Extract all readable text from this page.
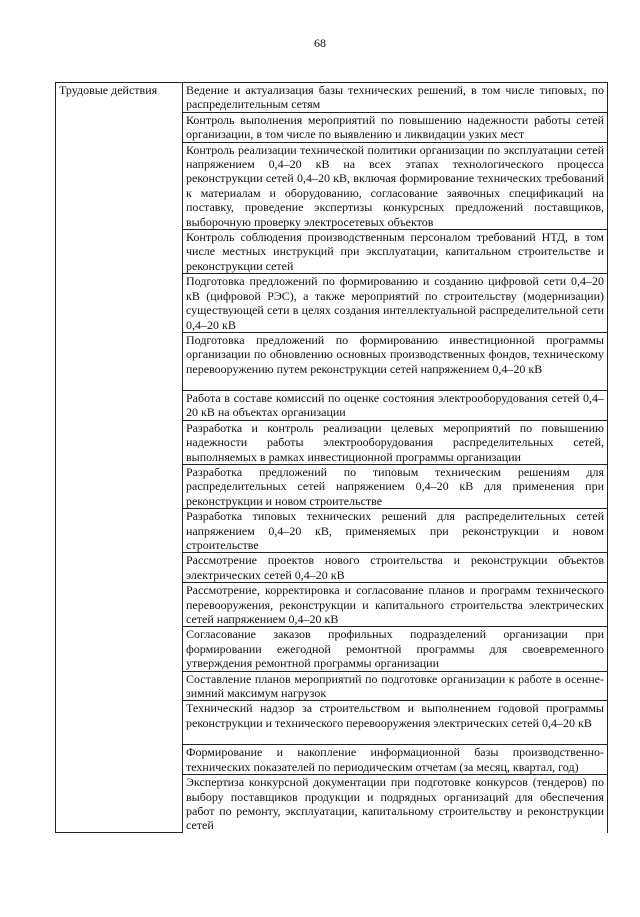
68
Трудовые действия	Ведение и актуализация базы технических решений, в том числе типовых, по распределительным сетям
Контроль выполнения мероприятий по повышению надежности работы сетей организации, в том числе по выявлению и ликвидации узких мест
Контроль реализации технической политики организации по эксплуатации сетей напряжением 0,4–20 кВ на всех этапах технологического процесса реконструкции сетей 0,4–20 кВ, включая формирование технических требований к материалам и оборудованию, согласование заявочных спецификаций на поставку, проведение экспертизы конкурсных предложений поставщиков, выборочную проверку электросетевых объектов
Контроль соблюдения производственным персоналом требований НТД, в том числе местных инструкций при эксплуатации, капитальном строительстве и реконструкции сетей
Подготовка предложений по формированию и созданию цифровой сети 0,4–20 кВ (цифровой РЭС), а также мероприятий по строительству (модернизации) существующей сети в целях создания интеллектуальной распределительной сети 0,4–20 кВ
Подготовка предложений по формированию инвестиционной программы организации по обновлению основных производственных фондов, техническому перевооружению путем реконструкции сетей напряжением 0,4–20 кВ
Работа в составе комиссий по оценке состояния электрооборудования сетей 0,4–20 кВ на объектах организации
Разработка и контроль реализации целевых мероприятий по повышению надежности работы электрооборудования распределительных сетей, выполняемых в рамках инвестиционной программы организации
Разработка предложений по типовым техническим решениям для распределительных сетей напряжением 0,4–20 кВ для применения при реконструкции и новом строительстве
Разработка типовых технических решений для распределительных сетей напряжением 0,4–20 кВ, применяемых при реконструкции и новом строительстве
Рассмотрение проектов нового строительства и реконструкции объектов электрических сетей 0,4–20 кВ
Рассмотрение, корректировка и согласование планов и программ технического перевооружения, реконструкции и капитального строительства электрических сетей напряжением 0,4–20 кВ
Согласование заказов профильных подразделений организации при формировании ежегодной ремонтной программы для своевременного утверждения ремонтной программы организации
Составление планов мероприятий по подготовке организации к работе в осенне-зимний максимум нагрузок
Технический надзор за строительством и выполнением годовой программы реконструкции и технического перевооружения электрических сетей 0,4–20 кВ
Формирование и накопление информационной базы производственно-технических показателей по периодическим отчетам (за месяц, квартал, год)
Экспертиза конкурсной документации при подготовке конкурсов (тендеров) по выбору поставщиков продукции и подрядных организаций для обеспечения работ по ремонту, эксплуатации, капитальному строительству и реконструкции сетей
